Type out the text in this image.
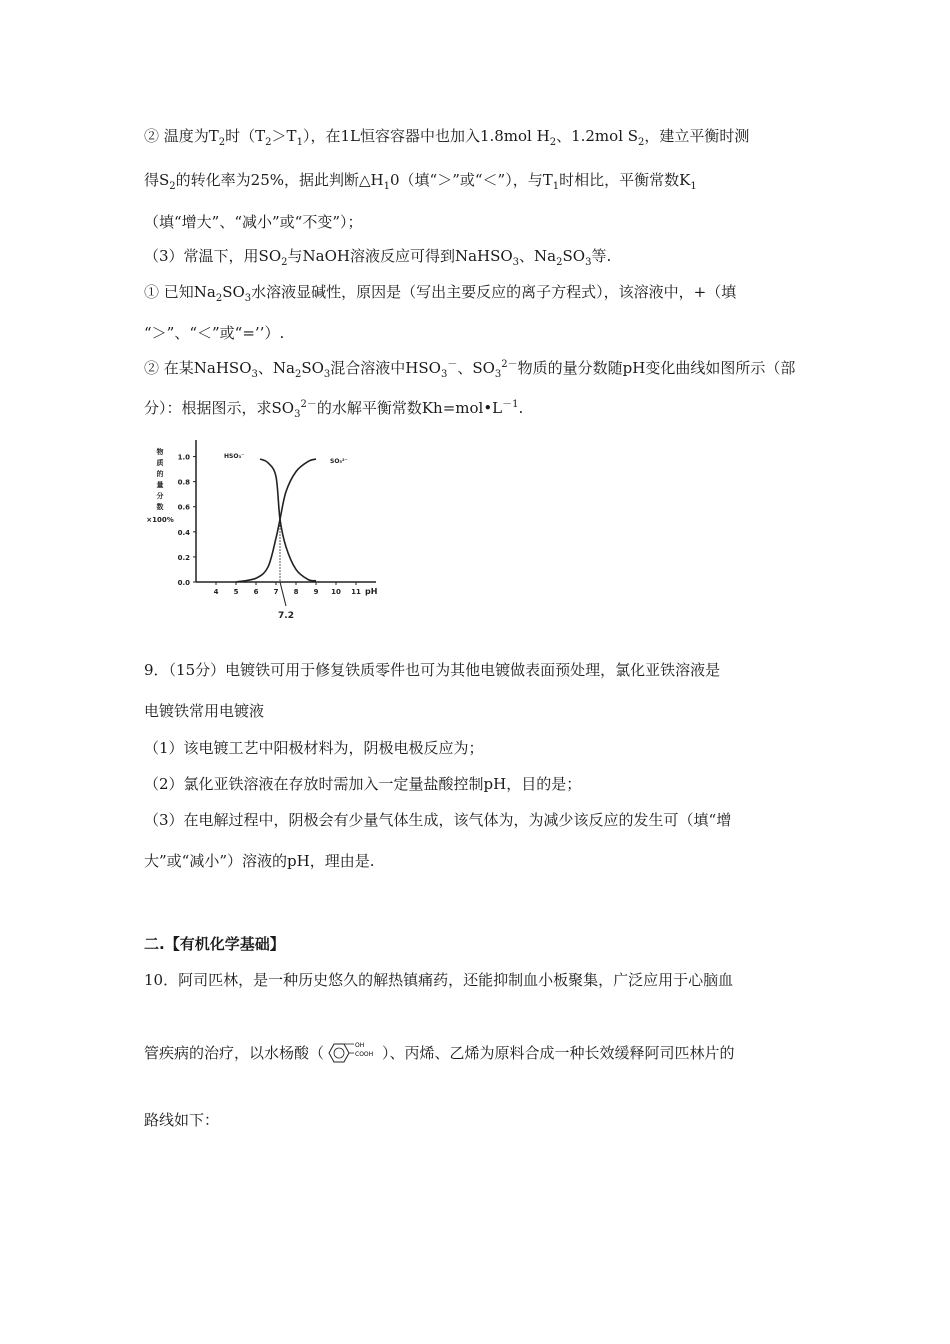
② 温度为$T_2$时$(T_2>T_1)$，在1L恒容容器中也加入1.8mol $H_2$、1.2mol $S_2$，建立平衡时测
得$S_2$的转化率为25%，据此判断$\triangle H_10$（填“＞”或“＜”），与$T_1$时相比，平衡常数$K_1$
（填“增大”、“减小”或“不变”）；
（3）常温下，用$SO_2$与NaOH溶液反应可得到NaHSO$_3$、$Na_2SO_3$等.
① 已知$Na_2SO_3$水溶液显碱性，原因是（写出主要反应的离子方程式），该溶液中，+（填
“＞”、“＜”或“=’’）.
② 在某NaHSO$_3$、$Na_2SO_3$混合溶液中$HSO_3^-$、$SO_3^{2-}$物质的量分数随pH变化曲线如图所示（部
分）：根据图示，求$SO_3^{2-}$的水解平衡常数$Kh=mol•L^{-1}$.
物
质
的
量
分
数
×100%
0.0
0.2
0.4
0.6
0.8
1.0
4 5 6 7 8 9 10 11
HSO₃⁻
SO₃²⁻
7.2
pH
9．（15分）电镀铁可用于修复铁质零件也可为其他电镀做表面预处理，氯化亚铁溶液是
电镀铁常用电镀液
（1）该电镀工艺中阳极材料为，阴极电极反应为；
（2）氯化亚铁溶液在存放时需加入一定量盐酸控制pH，目的是；
（3）在电解过程中，阴极会有少量气体生成，该气体为，为减少该反应的发生可（填“增
大”或“减小”）溶液的pH，理由是.
二.【有机化学基础】
10．阿司匹林，是一种历史悠久的解热镇痛药，还能抑制血小板聚集，广泛应用于心脑血
管疾病的治疗，以水杨酸（	OH
COOH ）、丙烯、乙烯为原料合成一种长效缓释阿司匹林片的
路线如下：
